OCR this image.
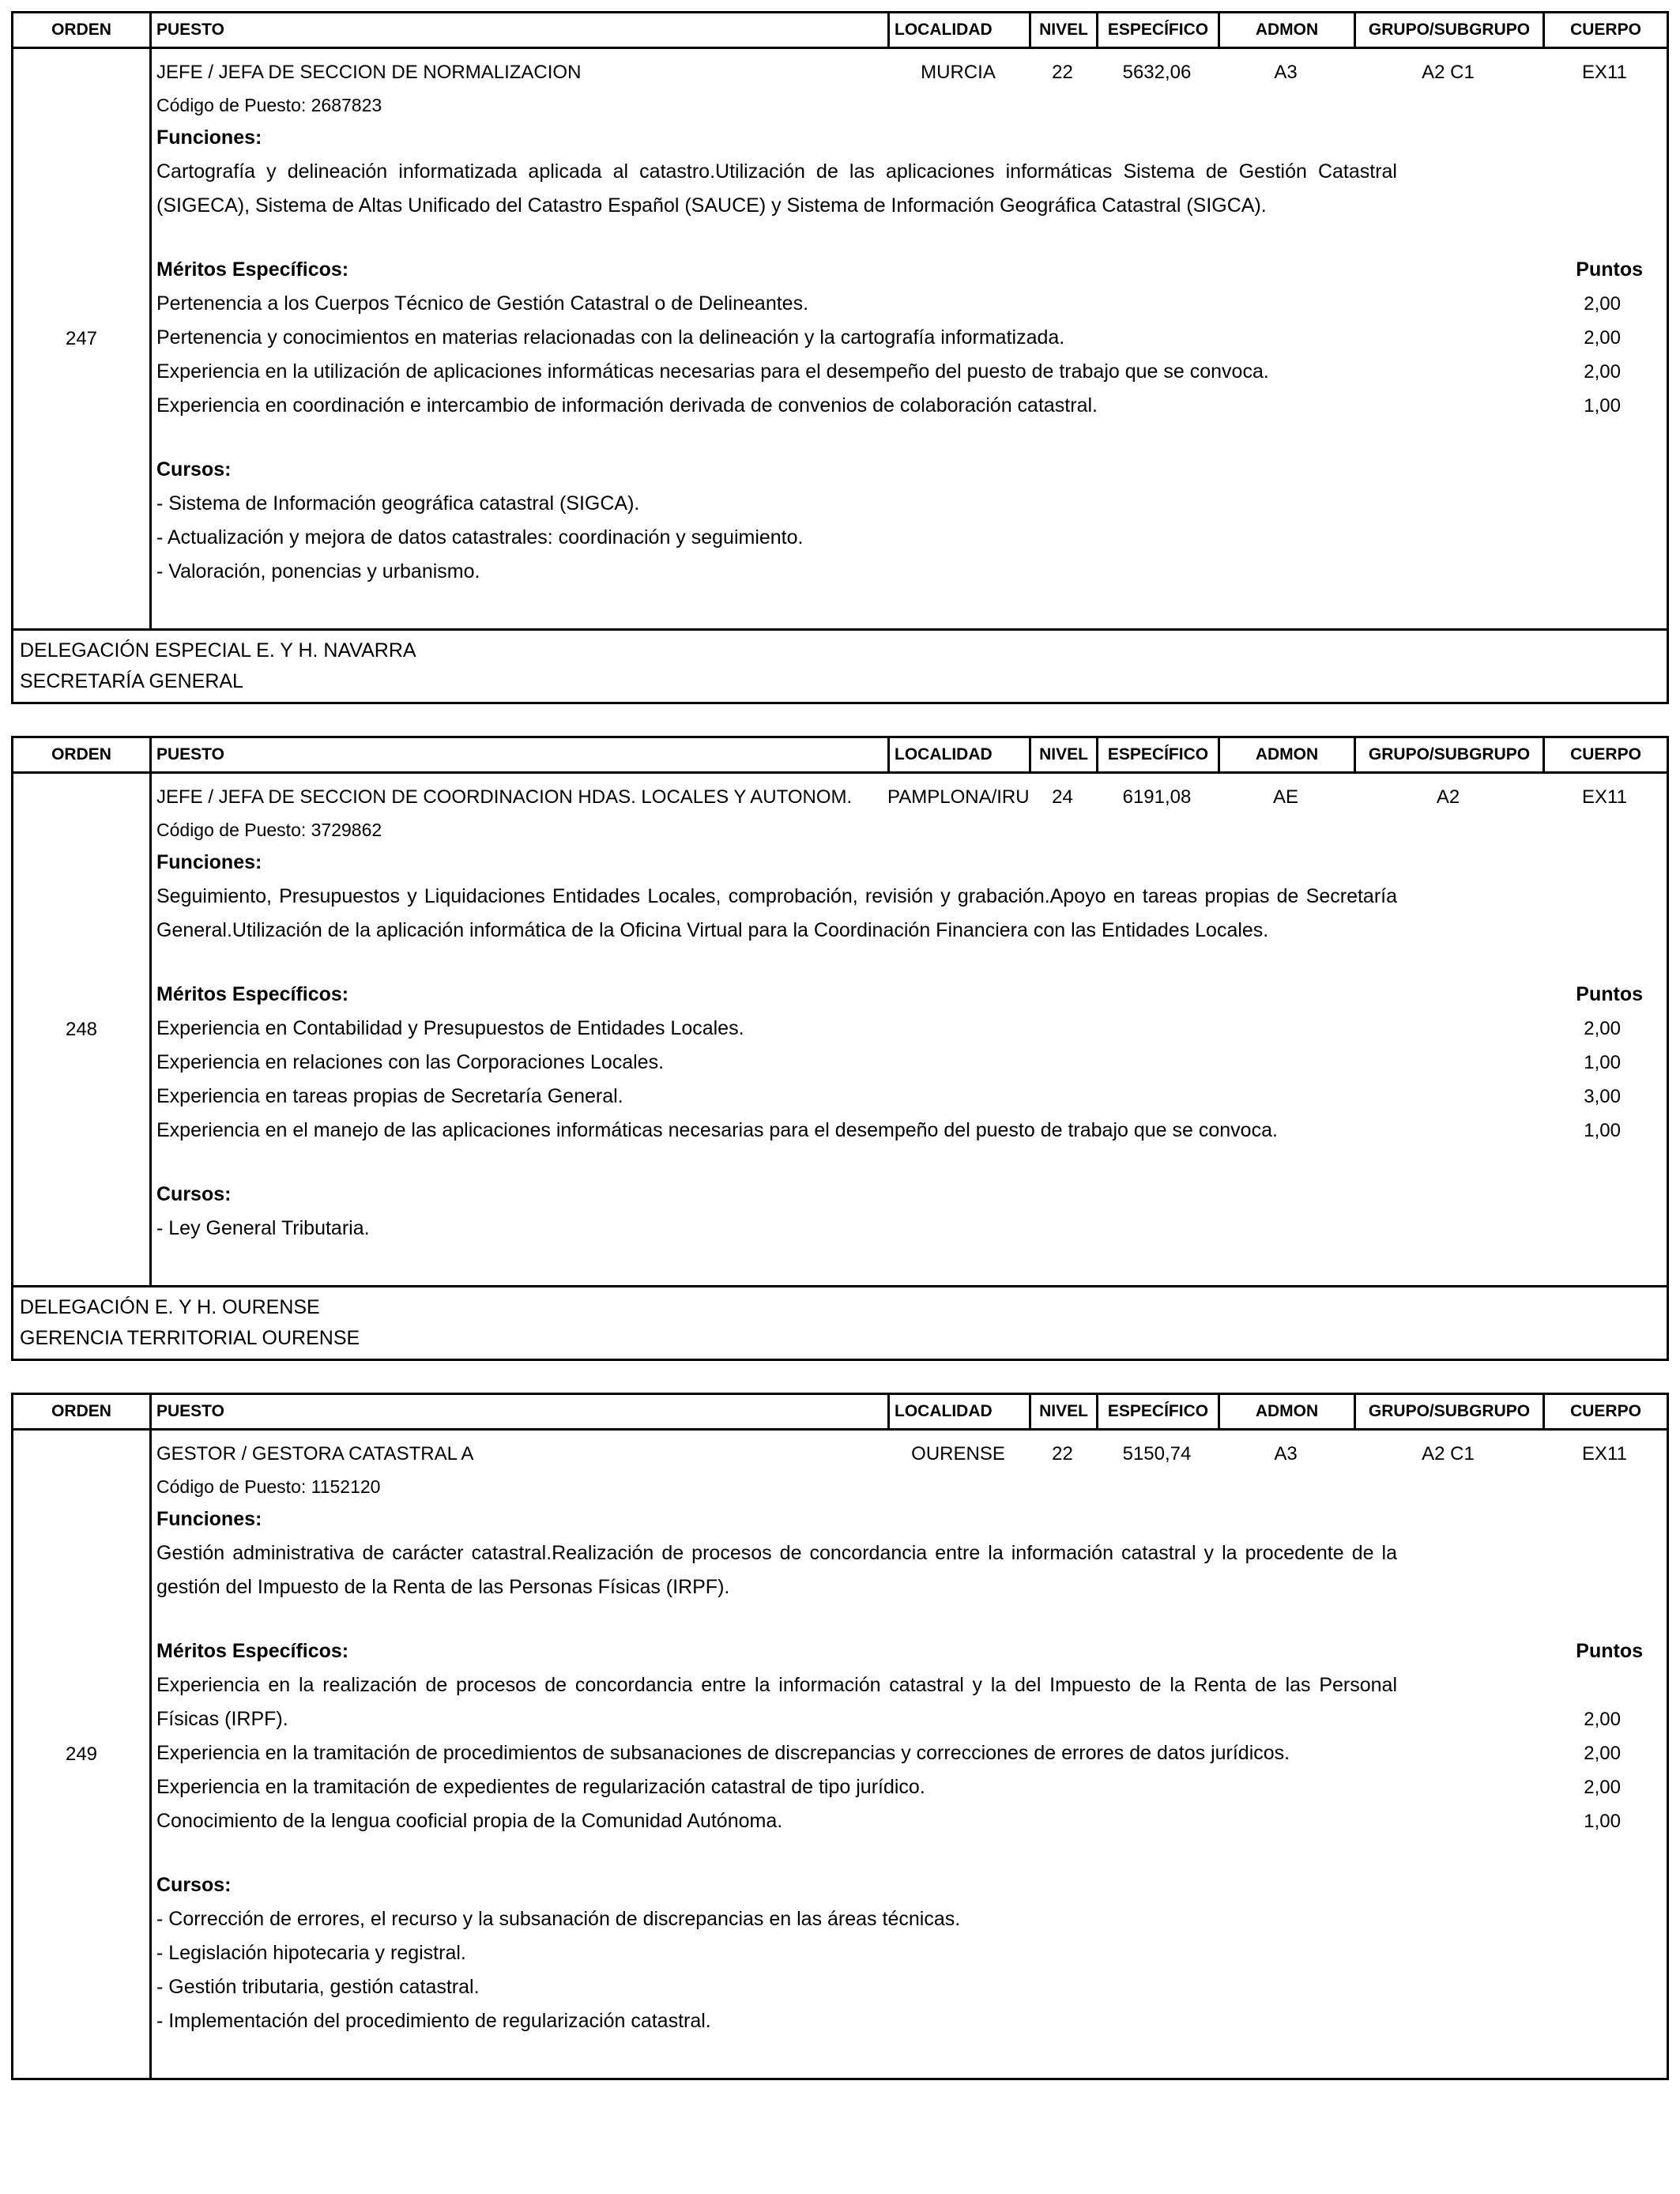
ORDEN	PUESTO	LOCALIDAD	NIVEL	ESPECÍFICO	ADMON	GRUPO/SUBGRUPO	CUERPO
247
JEFE / JEFA DE SECCION DE NORMALIZACION	MURCIA	22	5632,06	A3	A2 C1	EX11
Código de Puesto: 2687823
Funciones:
Cartografía y delineación informatizada aplicada al catastro.Utilización de las aplicaciones informáticas Sistema de Gestión Catastral (SIGECA), Sistema de Altas Unificado del Catastro Español (SAUCE) y Sistema de Información Geográfica Catastral (SIGCA).
Méritos Específicos:	Puntos
Pertenencia a los Cuerpos Técnico de Gestión Catastral o de Delineantes.	2,00
Pertenencia y conocimientos en materias relacionadas con la delineación y la cartografía informatizada.	2,00
Experiencia en la utilización de aplicaciones informáticas necesarias para el desempeño del puesto de trabajo que se convoca.	2,00
Experiencia en coordinación e intercambio de información derivada de convenios de colaboración catastral.	1,00
Cursos:
- Sistema de Información geográfica catastral (SIGCA).
- Actualización y mejora de datos catastrales: coordinación y seguimiento.
- Valoración, ponencias y urbanismo.
DELEGACIÓN ESPECIAL E. Y H. NAVARRA
SECRETARÍA GENERAL
ORDEN	PUESTO	LOCALIDAD	NIVEL	ESPECÍFICO	ADMON	GRUPO/SUBGRUPO	CUERPO
248
JEFE / JEFA DE SECCION DE COORDINACION HDAS. LOCALES Y AUTONOM.	PAMPLONA/IRU	24	6191,08	AE	A2	EX11
Código de Puesto: 3729862
Funciones:
Seguimiento, Presupuestos y Liquidaciones Entidades Locales, comprobación, revisión y grabación.Apoyo en tareas propias de Secretaría General.Utilización de la aplicación informática de la Oficina Virtual para la Coordinación Financiera con las Entidades Locales.
Méritos Específicos:	Puntos
Experiencia en Contabilidad y Presupuestos de Entidades Locales.	2,00
Experiencia en relaciones con las Corporaciones Locales.	1,00
Experiencia en tareas propias de Secretaría General.	3,00
Experiencia en el manejo de las aplicaciones informáticas necesarias para el desempeño del puesto de trabajo que se convoca.	1,00
Cursos:
- Ley General Tributaria.
DELEGACIÓN E. Y H. OURENSE
GERENCIA TERRITORIAL OURENSE
ORDEN	PUESTO	LOCALIDAD	NIVEL	ESPECÍFICO	ADMON	GRUPO/SUBGRUPO	CUERPO
249
GESTOR / GESTORA CATASTRAL A	OURENSE	22	5150,74	A3	A2 C1	EX11
Código de Puesto: 1152120
Funciones:
Gestión administrativa de carácter catastral.Realización de procesos de concordancia entre la información catastral y la procedente de la gestión del Impuesto de la Renta de las Personas Físicas (IRPF).
Méritos Específicos:	Puntos
Experiencia en la realización de procesos de concordancia entre la información catastral y la del Impuesto de la Renta de las Personal Físicas (IRPF).	2,00
Experiencia en la tramitación de procedimientos de subsanaciones de discrepancias y correcciones de errores de datos jurídicos.	2,00
Experiencia en la tramitación de expedientes de regularización catastral de tipo jurídico.	2,00
Conocimiento de la lengua cooficial propia de la Comunidad Autónoma.	1,00
Cursos:
- Corrección de errores, el recurso y la subsanación de discrepancias en las áreas técnicas.
- Legislación hipotecaria y registral.
- Gestión tributaria, gestión catastral.
- Implementación del procedimiento de regularización catastral.
